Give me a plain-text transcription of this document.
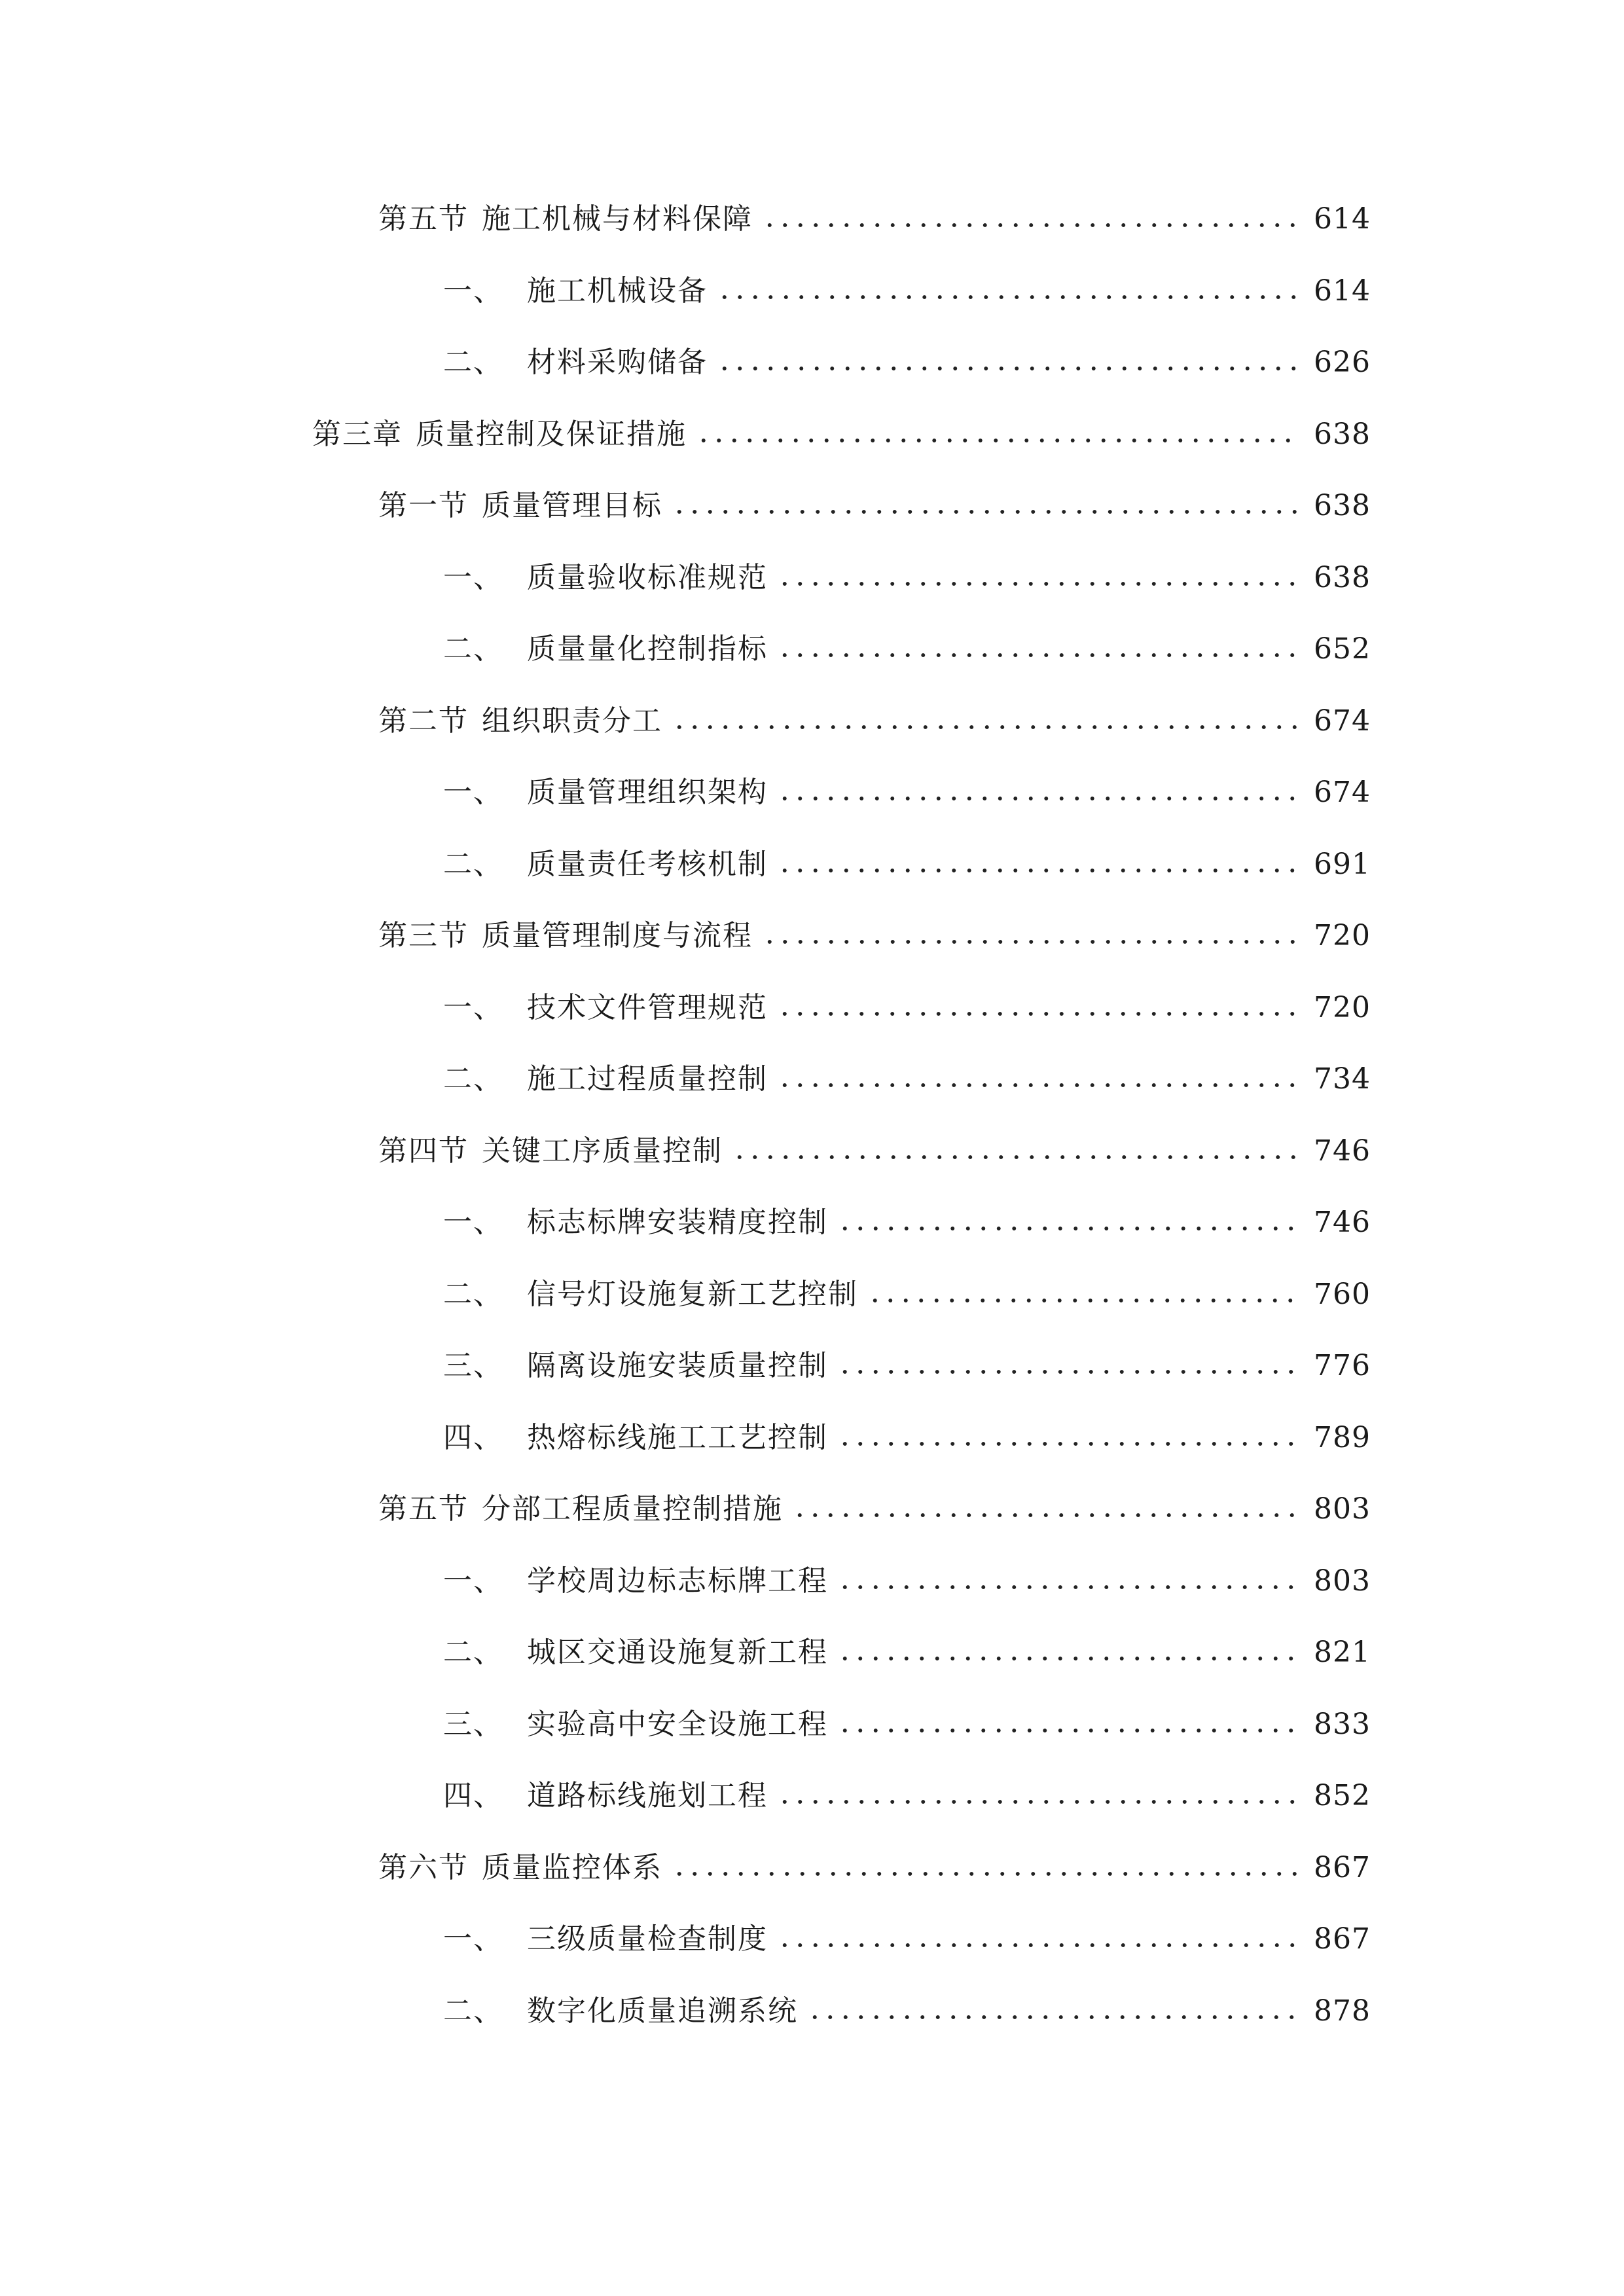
第五节 施工机械与材料保障	614
一、 施工机械设备	614
二、 材料采购储备	626
第三章 质量控制及保证措施	638
第一节 质量管理目标	638
一、 质量验收标准规范	638
二、 质量量化控制指标	652
第二节 组织职责分工	674
一、 质量管理组织架构	674
二、 质量责任考核机制	691
第三节 质量管理制度与流程	720
一、 技术文件管理规范	720
二、 施工过程质量控制	734
第四节 关键工序质量控制	746
一、 标志标牌安装精度控制	746
二、 信号灯设施复新工艺控制	760
三、 隔离设施安装质量控制	776
四、 热熔标线施工工艺控制	789
第五节 分部工程质量控制措施	803
一、 学校周边标志标牌工程	803
二、 城区交通设施复新工程	821
三、 实验高中安全设施工程	833
四、 道路标线施划工程	852
第六节 质量监控体系	867
一、 三级质量检查制度	867
二、 数字化质量追溯系统	878
